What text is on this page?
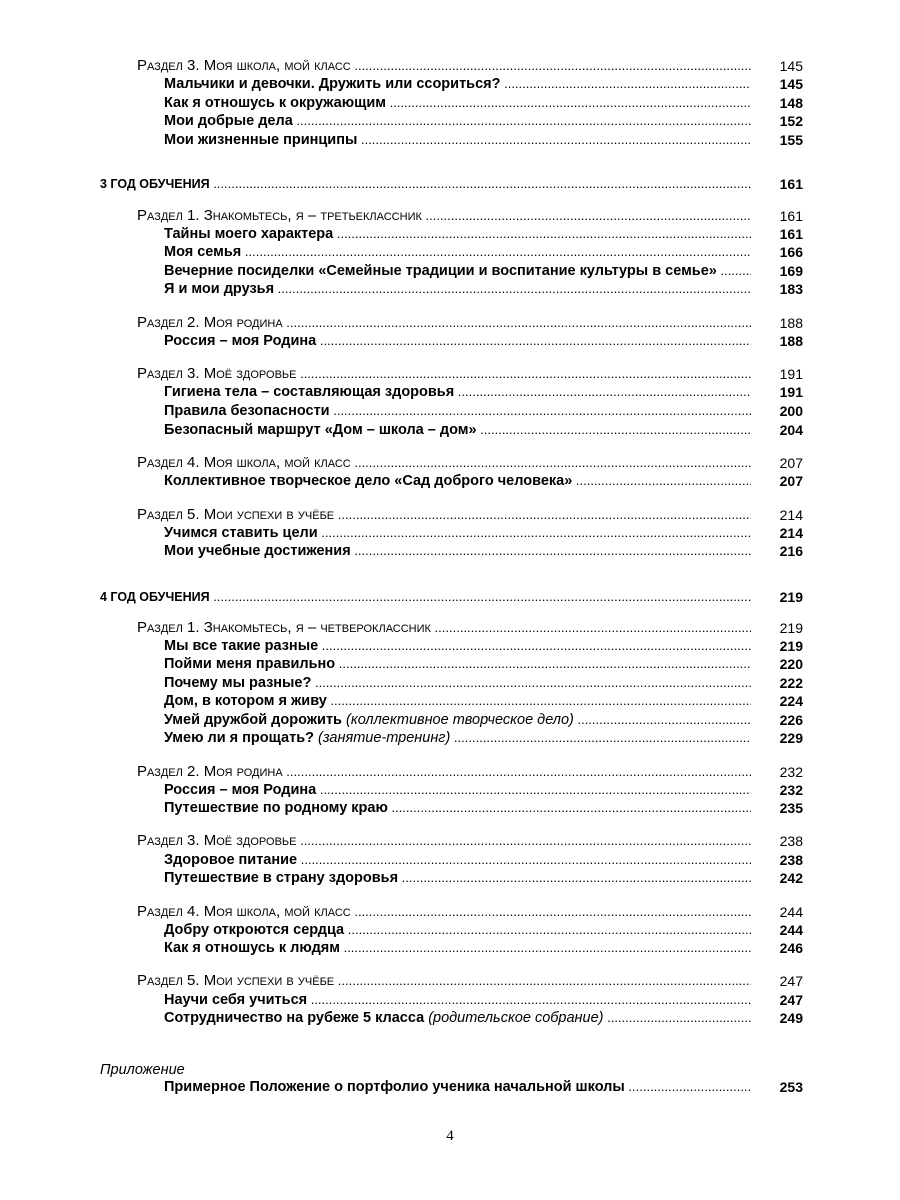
Раздел 3. Моя школа, мой класс .....	145
Мальчики и девочки. Дружить или ссориться? .....	145
Как я отношусь к окружающим .....	148
Мои добрые дела .....	152
Мои жизненные принципы .....	155
3 ГОД ОБУЧЕНИЯ .....	161
Раздел 1. Знакомьтесь, я – третьеклассник .....	161
Тайны моего характера .....	161
Моя семья .....	166
Вечерние посиделки «Семейные традиции и воспитание культуры в семье» .....	169
Я и мои друзья .....	183
Раздел 2. Моя родина .....	188
Россия – моя Родина .....	188
Раздел 3. Моё здоровье .....	191
Гигиена тела – составляющая здоровья .....	191
Правила безопасности .....	200
Безопасный маршрут «Дом – школа – дом» .....	204
Раздел 4. Моя школа, мой класс .....	207
Коллективное творческое дело «Сад доброго человека» .....	207
Раздел 5. Мои успехи в учёбе .....	214
Учимся ставить цели .....	214
Мои учебные достижения .....	216
4 ГОД ОБУЧЕНИЯ .....	219
Раздел 1. Знакомьтесь, я – четвероклассник .....	219
Мы все такие разные .....	219
Пойми меня правильно .....	220
Почему мы разные? .....	222
Дом, в котором я живу .....	224
Умей дружбой дорожить (коллективное творческое дело) .....	226
Умею ли я прощать? (занятие-тренинг) .....	229
Раздел 2. Моя родина .....	232
Россия – моя Родина .....	232
Путешествие по родному краю .....	235
Раздел 3. Моё здоровье .....	238
Здоровое питание .....	238
Путешествие в страну здоровья .....	242
Раздел 4. Моя школа, мой класс .....	244
Добру откроются сердца .....	244
Как я отношусь к людям .....	246
Раздел 5. Мои успехи в учёбе .....	247
Научи себя учиться .....	247
Сотрудничество на рубеже 5 класса (родительское собрание) .....	249
Приложение
Примерное Положение о портфолио ученика начальной школы .....	253
4
